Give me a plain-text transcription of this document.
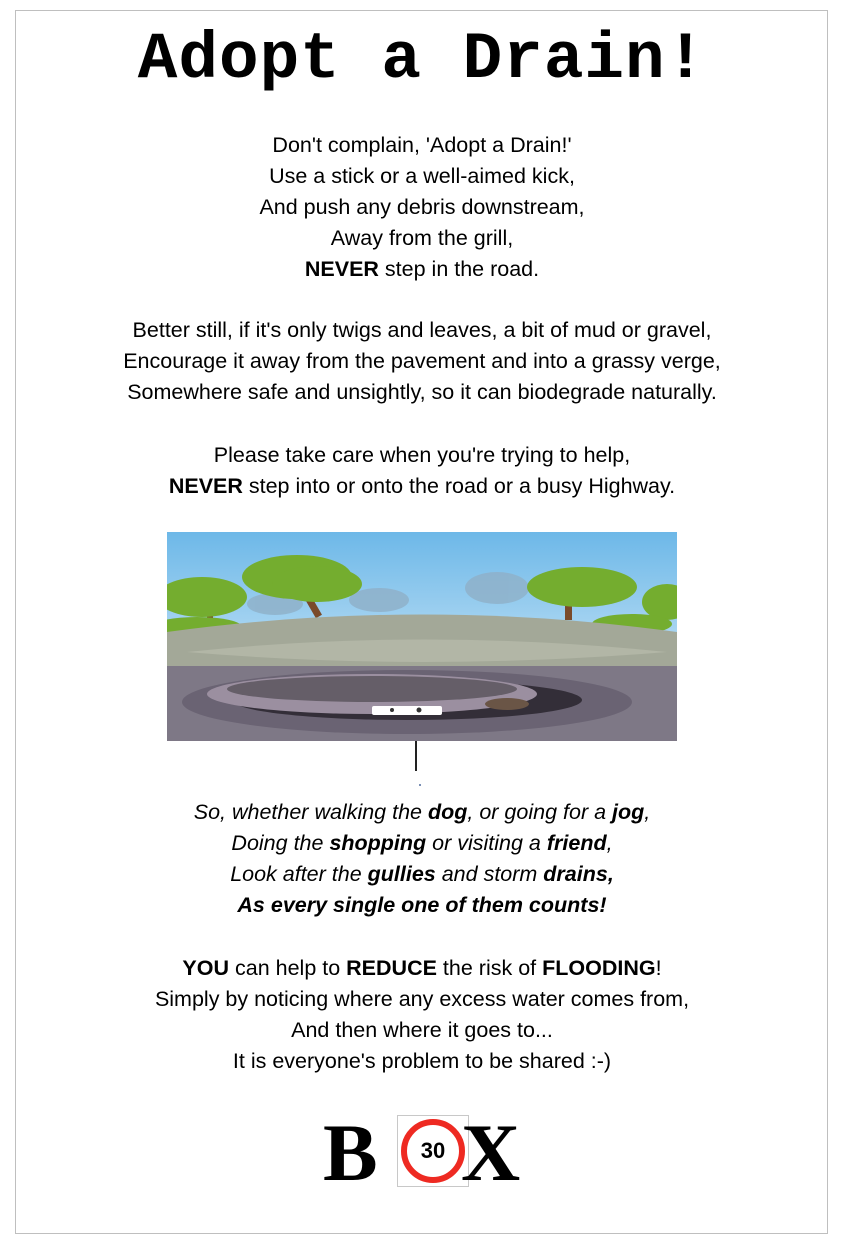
Adopt a Drain!
Don't complain, 'Adopt a Drain!'
Use a stick or a well-aimed kick,
And push any debris downstream,
Away from the grill,
NEVER step in the road.
Better still, if it's only twigs and leaves, a bit of mud or gravel,
Encourage it away from the pavement and into a grassy verge,
Somewhere safe and unsightly, so it can biodegrade naturally.
Please take care when you're trying to help,
NEVER step into or onto the road or a busy Highway.
So, whether walking the dog, or going for a jog,
Doing the shopping or visiting a friend,
Look after the gullies and storm drains,
As every single one of them counts!
YOU can help to REDUCE the risk of FLOODING!
Simply by noticing where any excess water comes from,
And then where it goes to...
It is everyone's problem to be shared :-)
B 30 X
